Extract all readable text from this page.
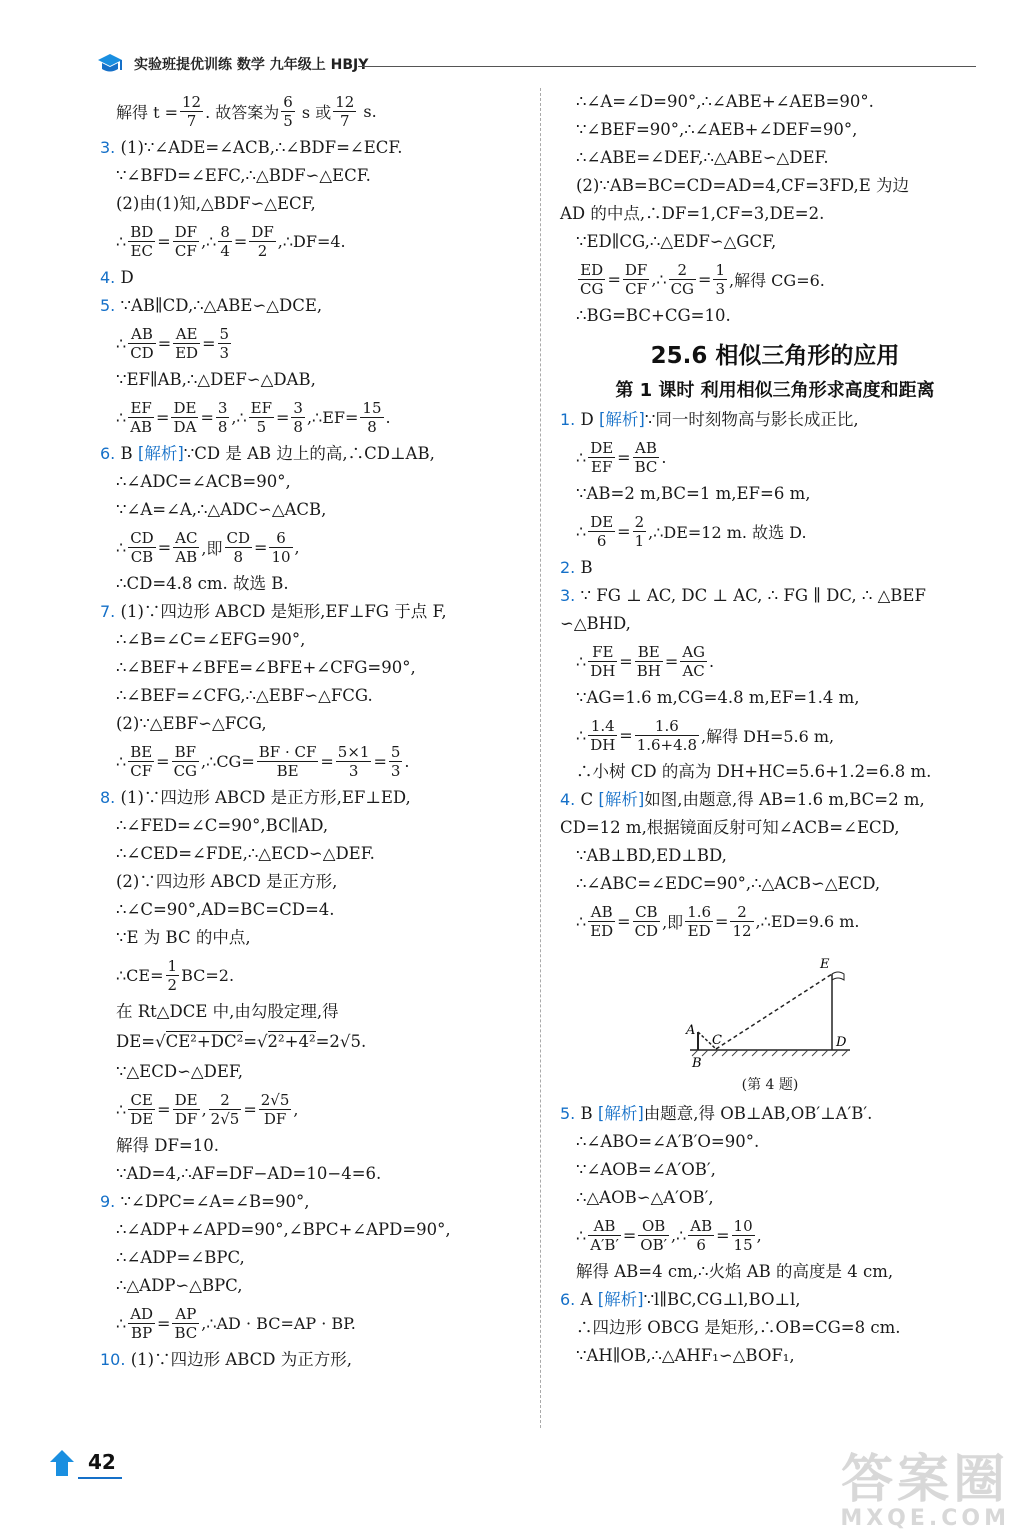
实验班提优训练 数学 九年级上 HBJY
解得 $t = \frac{12}{7}$ . 故答案为 $\frac{6}{5}$ s 或 $\frac{12}{7} s$.
3. (1)∵∠ADE=∠ACB,∴∠BDF=∠ECF.
∵∠BFD=∠EFC,∴△BDF∽△ECF.
(2)由(1)知,△BDF∽△ECF,
∴ $\frac{BD}{EC} = \frac{DF}{CF}$ ,∴ $\frac{8}{4} = \frac{DF}{2}$ ,∴DF=4.
4. D
5. ∵AB∥CD,∴△ABE∽△DCE,
∴ $\frac{AB}{CD} = \frac{AE}{ED} = \frac{5}{3}$
∵EF∥AB,∴△DEF∽△DAB,
∴ $\frac{EF}{AB} = \frac{DE}{DA} = \frac{3}{8}$ ,∴ $\frac{EF}{5} = \frac{3}{8}$ ,∴EF= $\frac{15}{8}$ .
6. B [解析]∵CD 是 AB 边上的高,∴CD⊥AB,
∴∠ADC=∠ACB=90°,
∵∠A=∠A,∴△ADC∽△ACB,
∴ $\frac{CD}{CB} = \frac{AC}{AB}$ ,即 $\frac{CD}{8} = \frac{6}{10}$ ,
∴CD=4.8 cm. 故选 B.
7. (1)∵四边形 ABCD 是矩形,EF⊥FG 于点 F,
∴∠B=∠C=∠EFG=90°,
∴∠BEF+∠BFE=∠BFE+∠CFG=90°,
∴∠BEF=∠CFG,∴△EBF∽△FCG.
(2)∵△EBF∽△FCG,
∴ $\frac{BE}{CF} = \frac{BF}{CG}$ ,∴CG= $\frac{BF \cdot CF}{BE} = \frac{5\times 1}{3} = \frac{5}{3}$ .
8. (1)∵四边形 ABCD 是正方形,EF⊥ED,
∴∠FED=∠C=90°,BC∥AD,
∴∠CED=∠FDE,∴△ECD∽△DEF.
(2)∵四边形 ABCD 是正方形,
∴∠C=90°,AD=BC=CD=4.
∵E 为 BC 的中点,
∴CE= $\frac{1}{2} BC=2$.
在 Rt△DCE 中,由勾股定理,得
DE=√CE²+DC²=√2²+4²=2√5.
∵△ECD∽△DEF,
∴ $\frac{CE}{DE} = \frac{DE}{DF}$ , $\frac{2}{2√5} = \frac{2√5}{DF}$ ,
解得 DF=10.
∵AD=4,∴AF=DF−AD=10−4=6.
9. ∵∠DPC=∠A=∠B=90°,
∴∠ADP+∠APD=90°,∠BPC+∠APD=90°,
∴∠ADP=∠BPC,
∴△ADP∽△BPC,
∴ $\frac{AD}{BP} = \frac{AP}{BC}$ ,∴AD · BC=AP · BP.
10. (1)∵四边形 ABCD 为正方形,
∴∠A=∠D=90°,∴∠ABE+∠AEB=90°.
∵∠BEF=90°,∴∠AEB+∠DEF=90°,
∴∠ABE=∠DEF,∴△ABE∽△DEF.
(2)∵AB=BC=CD=AD=4,CF=3FD,E 为边
AD 的中点,∴DF=1,CF=3,DE=2.
∵ED∥CG,∴△EDF∽△GCF,
$\frac{ED}{CG} = \frac{DF}{CF}$ ,∴ $\frac{2}{CG} = \frac{1}{3}$ ,解得 CG=6.
∴BG=BC+CG=10.
25.6 相似三角形的应用
第 1 课时 利用相似三角形求高度和距离
1. D [解析]∵同一时刻物高与影长成正比,
∴ $\frac{DE}{EF} = \frac{AB}{BC}$ .
∵AB=2 m,BC=1 m,EF=6 m,
∴ $\frac{DE}{6} = \frac{2}{1}$ ,∴DE=12 m. 故选 D.
2. B
3. ∵ FG ⊥ AC, DC ⊥ AC, ∴ FG ∥ DC, ∴ △BEF
∽△BHD,
∴ $\frac{FE}{DH} = \frac{BE}{BH} = \frac{AG}{AC}$ .
∵AG=1.6 m,CG=4.8 m,EF=1.4 m,
∴ $\frac{1.4}{DH} = \frac{1.6}{1.6+4.8}$ ,解得 DH=5.6 m,
∴小树 CD 的高为 DH+HC=5.6+1.2=6.8 m.
4. C [解析]如图,由题意,得 AB=1.6 m,BC=2 m,
CD=12 m,根据镜面反射可知∠ACB=∠ECD,
∵AB⊥BD,ED⊥BD,
∴∠ABC=∠EDC=90°,∴△ACB∽△ECD,
∴ $\frac{AB}{ED} = \frac{CB}{CD}$ ,即 $\frac{1.6}{ED} = \frac{2}{12}$ ,∴ED=9.6 m.
A
B
C	D
E
(第 4 题)
5. B [解析]由题意,得 OB⊥AB,OB′⊥A′B′.
∴∠ABO=∠A′B′O=90°.
∵∠AOB=∠A′OB′,
∴△AOB∽△A′OB′,
∴ $\frac{AB}{A'B'} = \frac{OB}{OB'}$ ,∴ $\frac{AB}{6} = \frac{10}{15}$ ,
解得 AB=4 cm,∴火焰 AB 的高度是 4 cm,
6. A [解析]∵l∥BC,CG⊥l,BO⊥l,
∴四边形 OBCG 是矩形,∴OB=CG=8 cm.
∵AH∥OB,∴△AHF₁∽△BOF₁,
42	答案圈
MXQE.COM
